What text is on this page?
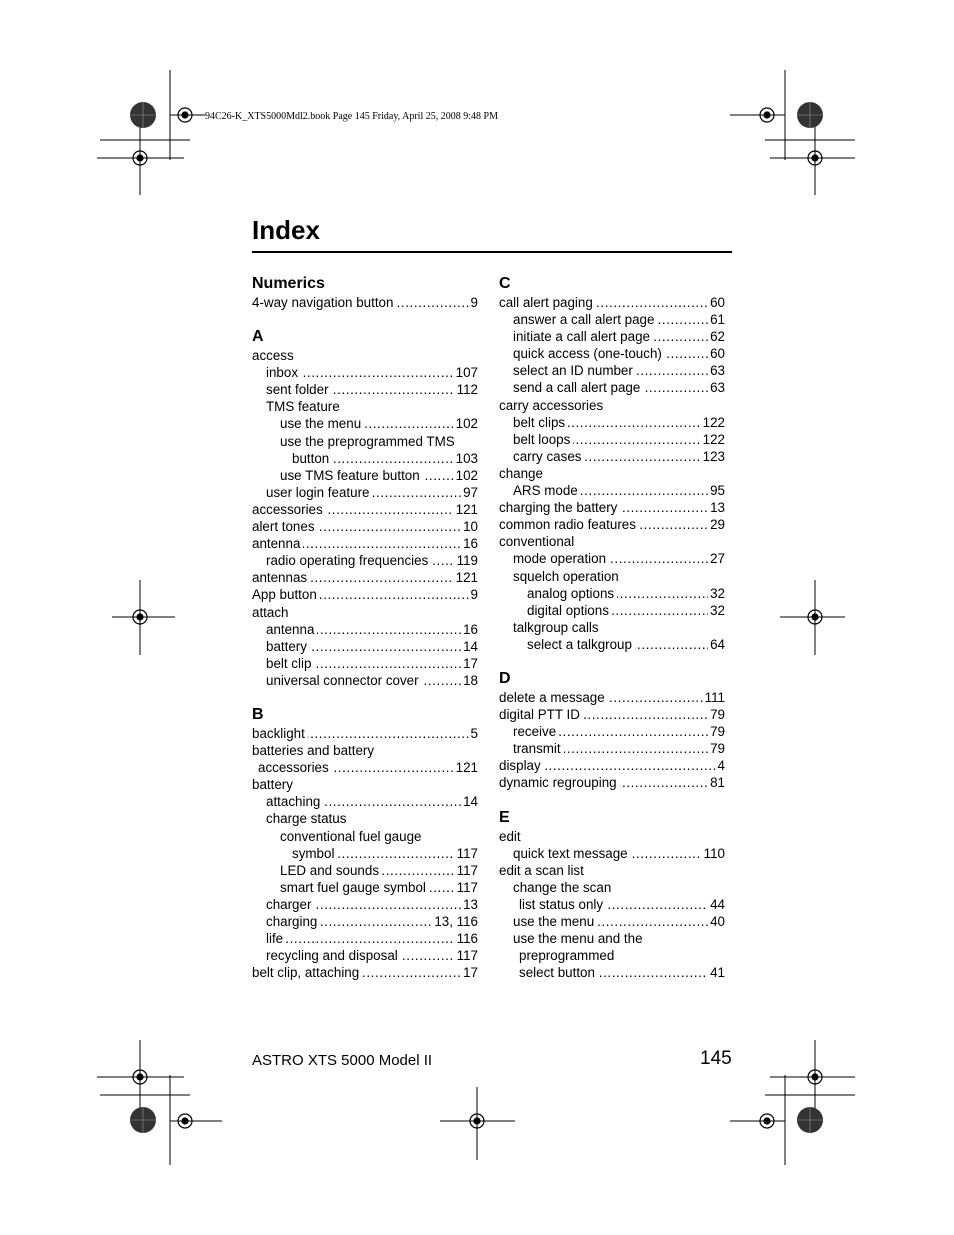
94C26-K_XTS5000Mdl2.book Page 145 Friday, April 25, 2008 9:48 PM
Index
Numerics
4-way navigation button .....	9
A
access
inbox .....	107
sent folder .....	112
TMS feature
use the menu .....	102
use the preprogrammed TMS
button .....	103
use TMS feature button .....	102
user login feature .....	97
accessories .....	121
alert tones .....	10
antenna .....	16
radio operating frequencies ..... 119
antennas .....	121
App button .....	9
attach
antenna .....	16
battery .....	14
belt clip .....	17
universal connector cover .....	18
B
backlight .....	5
batteries and battery
accessories .....	121
battery
attaching .....	14
charge status
conventional fuel gauge
symbol .....	117
LED and sounds .....	117
smart fuel gauge symbol ..... 117
charger .....	13
charging .....	13, 116
life .....	116
recycling and disposal .....	117
belt clip, attaching .....	17
C
call alert paging .....	60
answer a call alert page .....	61
initiate a call alert page .....	62
quick access (one-touch) .....	60
select an ID number .....	63
send a call alert page .....	63
carry accessories
belt clips .....	122
belt loops .....	122
carry cases .....	123
change
ARS mode .....	95
charging the battery .....	13
common radio features .....	29
conventional
mode operation .....	27
squelch operation
analog options .....	32
digital options .....	32
talkgroup calls
select a talkgroup .....	64
D
delete a message .....	111
digital PTT ID .....	79
receive .....	79
transmit .....	79
display .....	4
dynamic regrouping .....	81
E
edit
quick text message .....	110
edit a scan list
change the scan
list status only .....	44
use the menu .....	40
use the menu and the
preprogrammed
select button .....	41
ASTRO XTS 5000 Model II	145
